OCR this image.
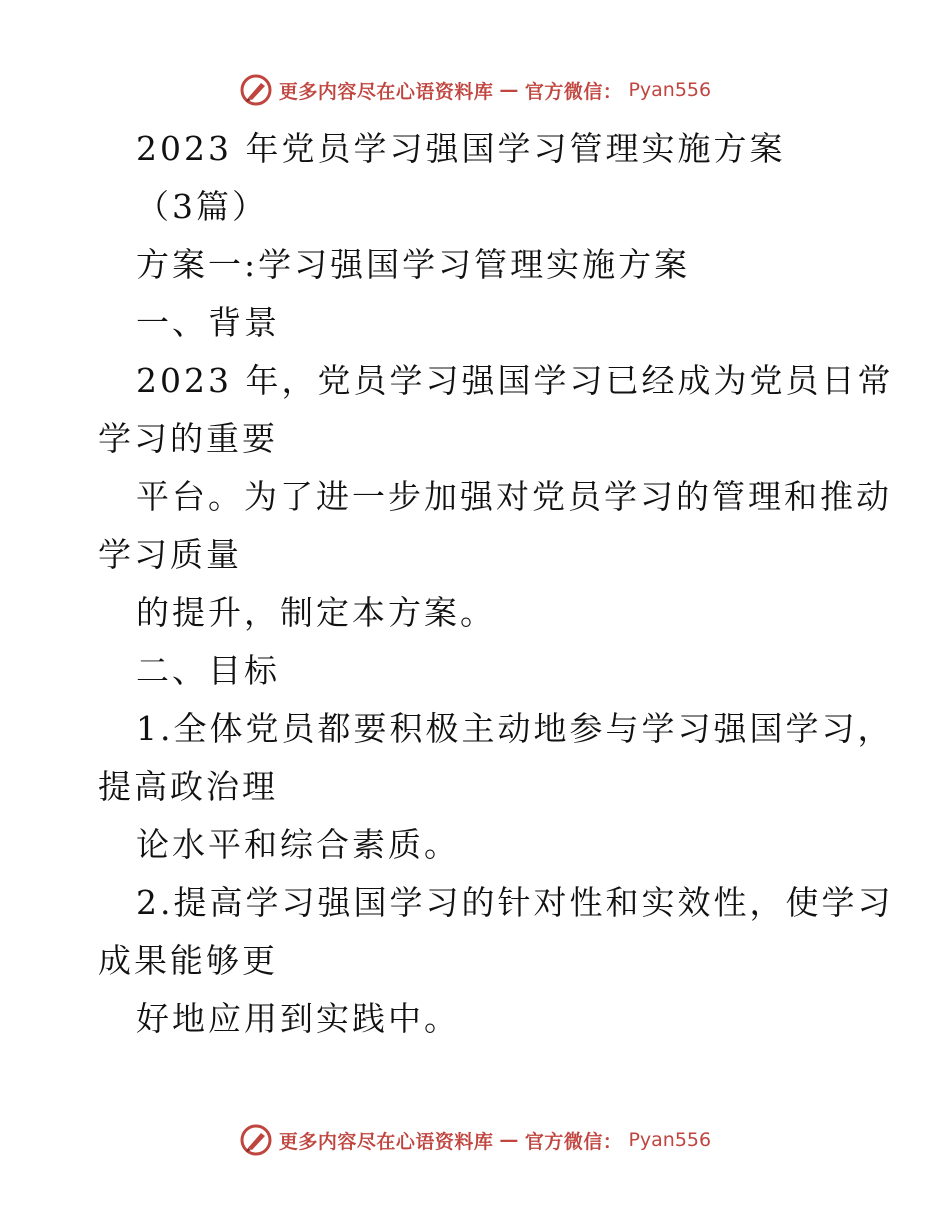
更多内容尽在心语资料库 — 官方微信： Pyan556
2023 年党员学习强国学习管理实施方案
（3篇）
方案一:学习强国学习管理实施方案
一、背景
2023 年，党员学习强国学习已经成为党员日常
学习的重要
平台。为了进一步加强对党员学习的管理和推动
学习质量
的提升，制定本方案。
二、目标
1.全体党员都要积极主动地参与学习强国学习，
提高政治理
论水平和综合素质。
2.提高学习强国学习的针对性和实效性，使学习
成果能够更
好地应用到实践中。
更多内容尽在心语资料库 — 官方微信： Pyan556
